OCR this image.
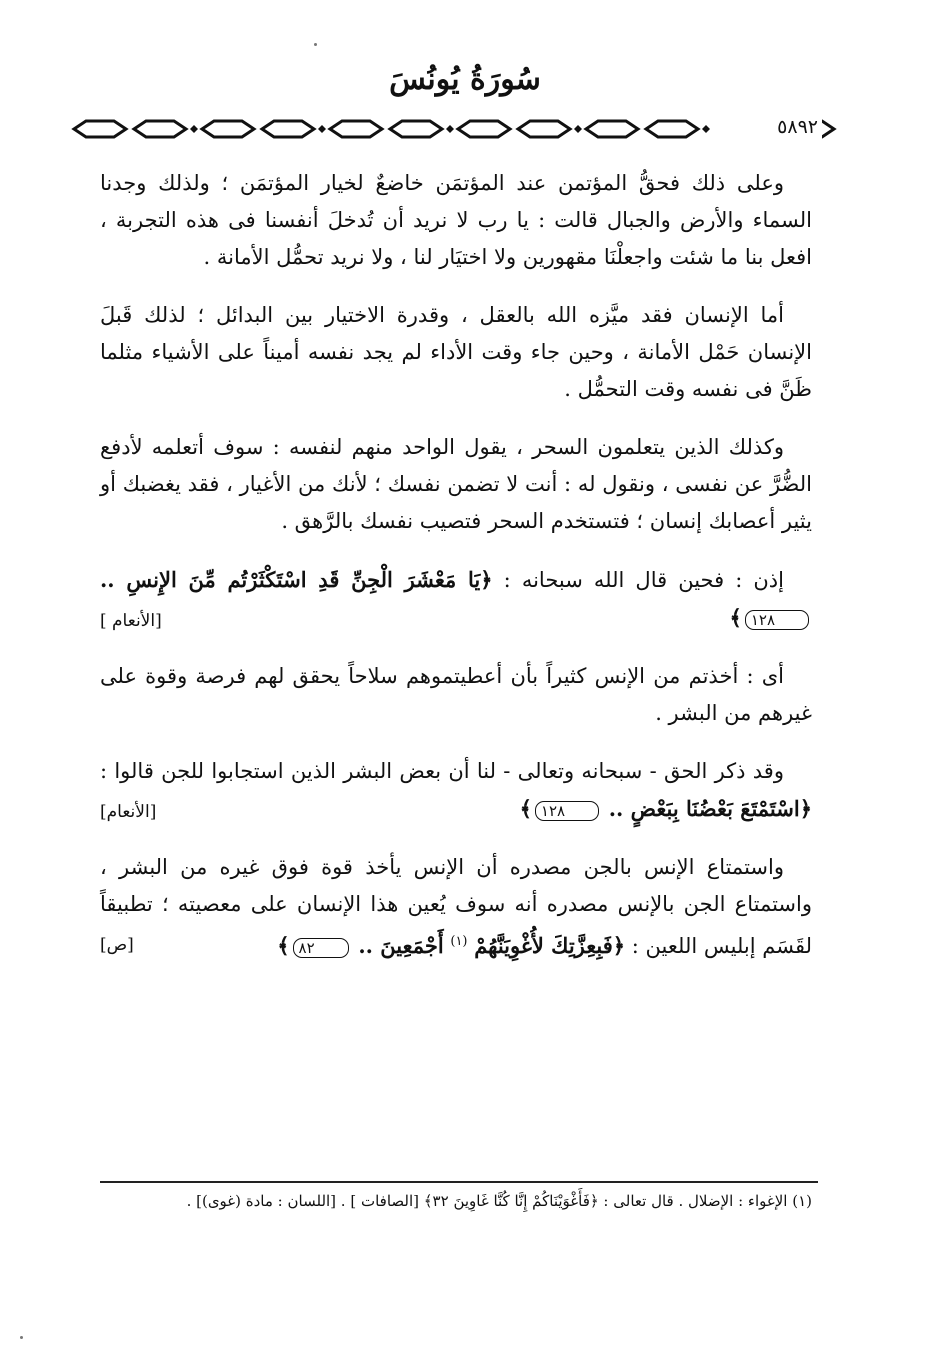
سُورَةُ يُونُسَ
٥٨٩٢

وعلى ذلك فحقُّ المؤتمن عند المؤتمَن خاضعٌ لخيار المؤتمَن ؛ ولذلك وجدنا السماء والأرض والجبال قالت : يا رب لا نريد أن تُدخلَ أنفسنا فى هذه التجربة ، افعل بنا ما شئت واجعلْنَا مقهورين ولا اختيَار لنا ، ولا نريد تحمُّل الأمانة .

أما الإنسان فقد ميَّزه الله بالعقل ، وقدرة الاختيار بين البدائل ؛ لذلك قَبلَ الإنسان حَمْل الأمانة ، وحين جاء وقت الأداء لم يجد نفسه أميناً على الأشياء مثلما ظَنَّ فى نفسه وقت التحمُّل .

وكذلك الذين يتعلمون السحر ، يقول الواحد منهم لنفسه : سوف أتعلمه لأدفع الضُّرَّ عن نفسى ، ونقول له : أنت لا تضمن نفسك ؛ لأنك من الأغيار ، فقد يغضبك أو يثير أعصابك إنسان ؛ فتستخدم السحر فتصيب نفسك بالرَّهق .

إذن : فحين قال الله سبحانه : ﴿يَا مَعْشَرَ الْجِنِّ قَدِ اسْتَكْثَرْتُم مِّنَ الإِنسِ .. ١٢٨﴾
[الأنعام ]

أى : أخذتم من الإنس كثيراً بأن أعطيتموهم سلاحاً يحقق لهم فرصة وقوة على غيرهم من البشر .

وقد ذكر الحق - سبحانه وتعالى - لنا أن بعض البشر الذين استجابوا للجن قالوا : ﴿اسْتَمْتَعَ بَعْضُنَا بِبَعْضٍ .. ١٢٨﴾
[الأنعام]

واستمتاع الإنس بالجن مصدره أن الإنس يأخذ قوة فوق غيره من البشر ، واستمتاع الجن بالإنس مصدره أنه سوف يُعين هذا الإنسان على معصيته ؛ تطبيقاً لقَسَم إبليس اللعين : ﴿فَبِعِزَّتِكَ لأُغْوِيَنَّهُمْ $^{(١)}$ أَجْمَعِينَ .. ٨٢﴾
[ص]

(١) الإغواء : الإضلال . قال تعالى : ﴿فَأَغْوَيْنَاكُمْ إِنَّا كُنَّا غَاوِينَ ٣٢﴾ [الصافات ] . [اللسان : مادة (غوى)] .
